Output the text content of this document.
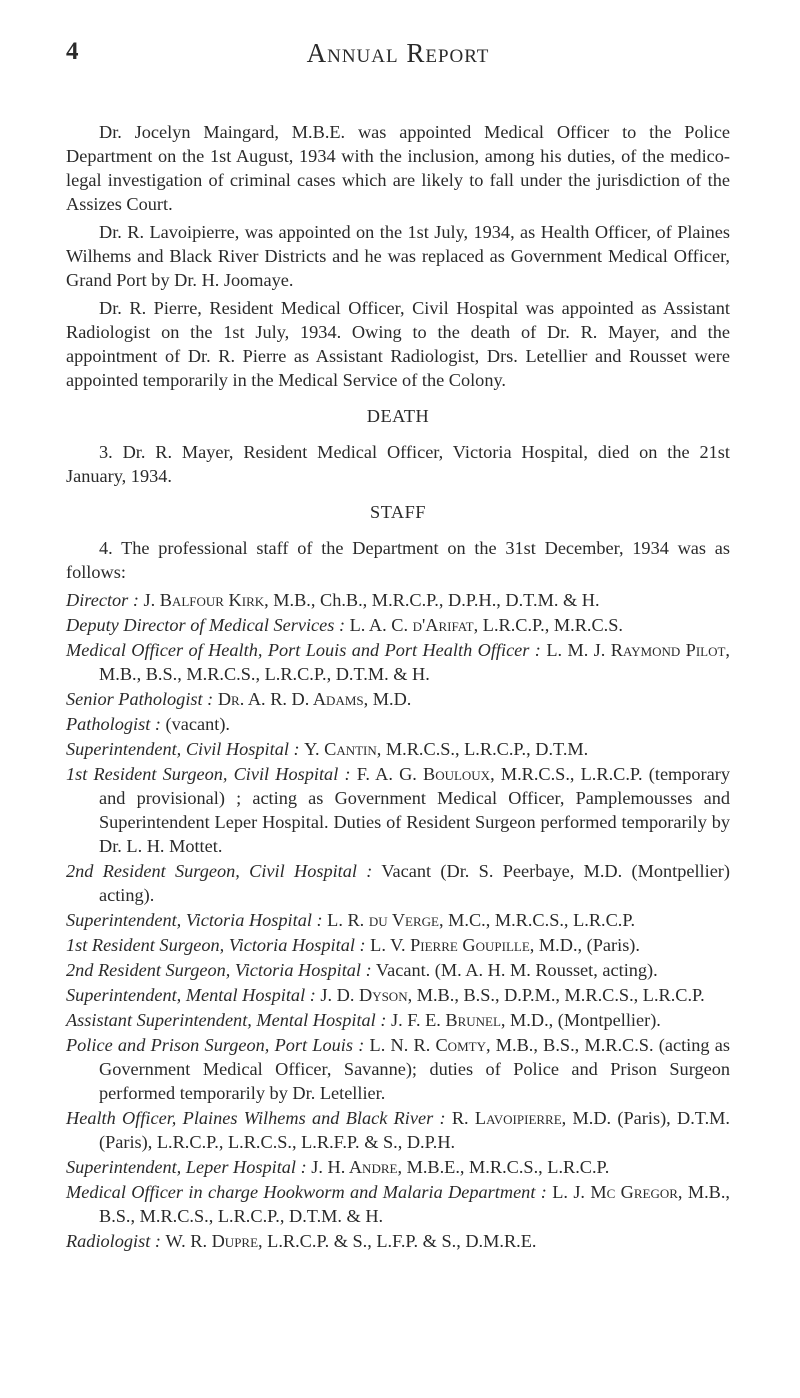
4	Annual Report

Dr. Jocelyn Maingard, M.B.E. was appointed Medical Officer to the Police Department on the 1st August, 1934 with the inclusion, among his duties, of the medico-legal investigation of criminal cases which are likely to fall under the jurisdiction of the Assizes Court.

Dr. R. Lavoipierre, was appointed on the 1st July, 1934, as Health Officer, of Plaines Wilhems and Black River Districts and he was replaced as Government Medical Officer, Grand Port by Dr. H. Joomaye.

Dr. R. Pierre, Resident Medical Officer, Civil Hospital was appointed as Assistant Radiologist on the 1st July, 1934. Owing to the death of Dr. R. Mayer, and the appointment of Dr. R. Pierre as Assistant Radiologist, Drs. Letellier and Rousset were appointed temporarily in the Medical Service of the Colony.

DEATH

3. Dr. R. Mayer, Resident Medical Officer, Victoria Hospital, died on the 21st January, 1934.

STAFF

4. The professional staff of the Department on the 31st December, 1934 was as follows:

Director : J. Balfour Kirk, M.B., Ch.B., M.R.C.P., D.P.H., D.T.M. & H.

Deputy Director of Medical Services : L. A. C. d'Arifat, L.R.C.P., M.R.C.S.

Medical Officer of Health, Port Louis and Port Health Officer : L. M. J. Raymond Pilot, M.B., B.S., M.R.C.S., L.R.C.P., D.T.M. & H.

Senior Pathologist : Dr. A. R. D. Adams, M.D.

Pathologist : (vacant).

Superintendent, Civil Hospital : Y. Cantin, M.R.C.S., L.R.C.P., D.T.M.

1st Resident Surgeon, Civil Hospital : F. A. G. Bouloux, M.R.C.S., L.R.C.P. (temporary and provisional) ; acting as Government Medical Officer, Pamplemousses and Superintendent Leper Hospital. Duties of Resident Surgeon performed temporarily by Dr. L. H. Mottet.

2nd Resident Surgeon, Civil Hospital : Vacant (Dr. S. Peerbaye, M.D. (Montpellier) acting).

Superintendent, Victoria Hospital : L. R. du Verge, M.C., M.R.C.S., L.R.C.P.

1st Resident Surgeon, Victoria Hospital : L. V. Pierre Goupille, M.D., (Paris).

2nd Resident Surgeon, Victoria Hospital : Vacant. (M. A. H. M. Rousset, acting).

Superintendent, Mental Hospital : J. D. Dyson, M.B., B.S., D.P.M., M.R.C.S., L.R.C.P.

Assistant Superintendent, Mental Hospital : J. F. E. Brunel, M.D., (Montpellier).

Police and Prison Surgeon, Port Louis : L. N. R. Comty, M.B., B.S., M.R.C.S. (acting as Government Medical Officer, Savanne); duties of Police and Prison Surgeon performed temporarily by Dr. Letellier.

Health Officer, Plaines Wilhems and Black River : R. Lavoipierre, M.D. (Paris), D.T.M. (Paris), L.R.C.P., L.R.C.S., L.R.F.P. & S., D.P.H.

Superintendent, Leper Hospital : J. H. Andre, M.B.E., M.R.C.S., L.R.C.P.

Medical Officer in charge Hookworm and Malaria Department : L. J. Mc Gregor, M.B., B.S., M.R.C.S., L.R.C.P., D.T.M. & H.

Radiologist : W. R. Dupre, L.R.C.P. & S., L.F.P. & S., D.M.R.E.
